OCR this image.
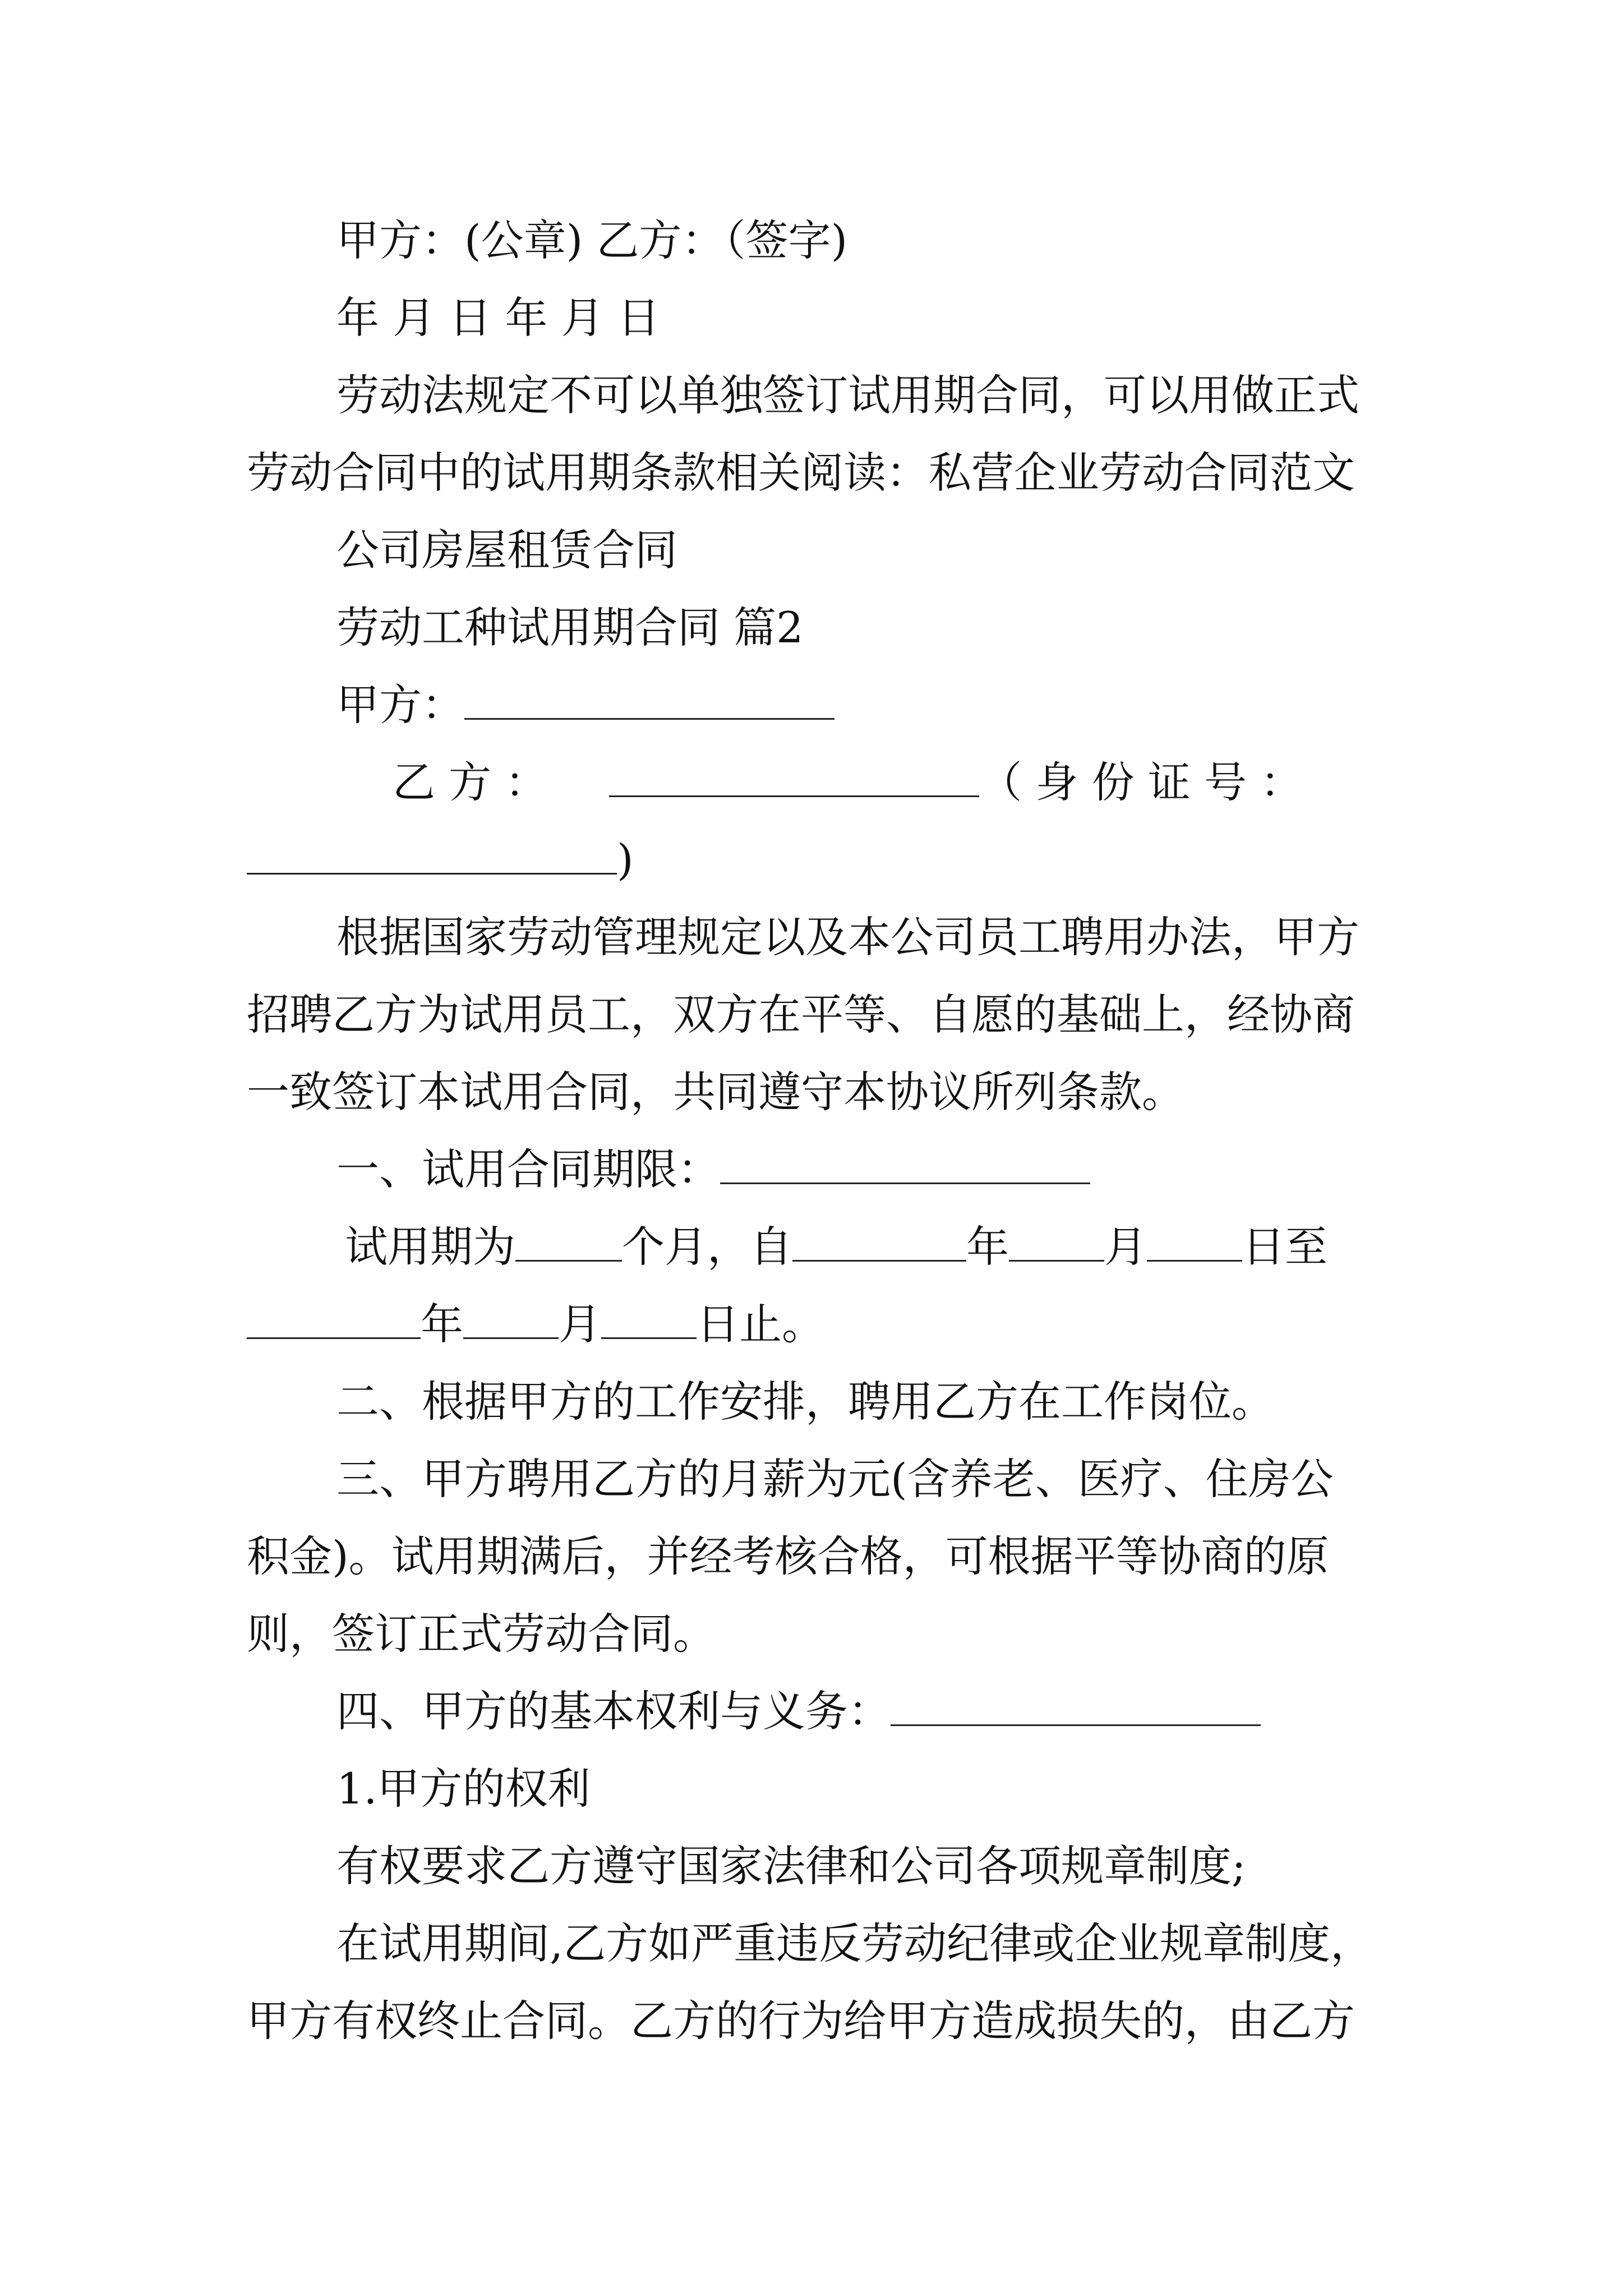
甲方：(公章) 乙方：（签字)
年 月 日 年 月 日
劳动法规定不可以单独签订试用期合同，可以用做正式
劳动合同中的试用期条款相关阅读：私营企业劳动合同范文
公司房屋租赁合同
劳动工种试用期合同 篇2
甲方：
乙 方 ：	（ 身 份 证 号 ：
)
根据国家劳动管理规定以及本公司员工聘用办法，甲方
招聘乙方为试用员工，双方在平等、自愿的基础上，经协商
一致签订本试用合同，共同遵守本协议所列条款。
一、试用合同期限：
试用期为	个月，自	年 月 日至
年 月 日止。
二、根据甲方的工作安排，聘用乙方在工作岗位。
三、甲方聘用乙方的月薪为元(含养老、医疗、住房公
积金)。试用期满后，并经考核合格，可根据平等协商的原
则，签订正式劳动合同。
四、甲方的基本权利与义务：
1.甲方的权利
有权要求乙方遵守国家法律和公司各项规章制度;
在试用期间,乙方如严重违反劳动纪律或企业规章制度，
甲方有权终止合同。乙方的行为给甲方造成损失的，由乙方
